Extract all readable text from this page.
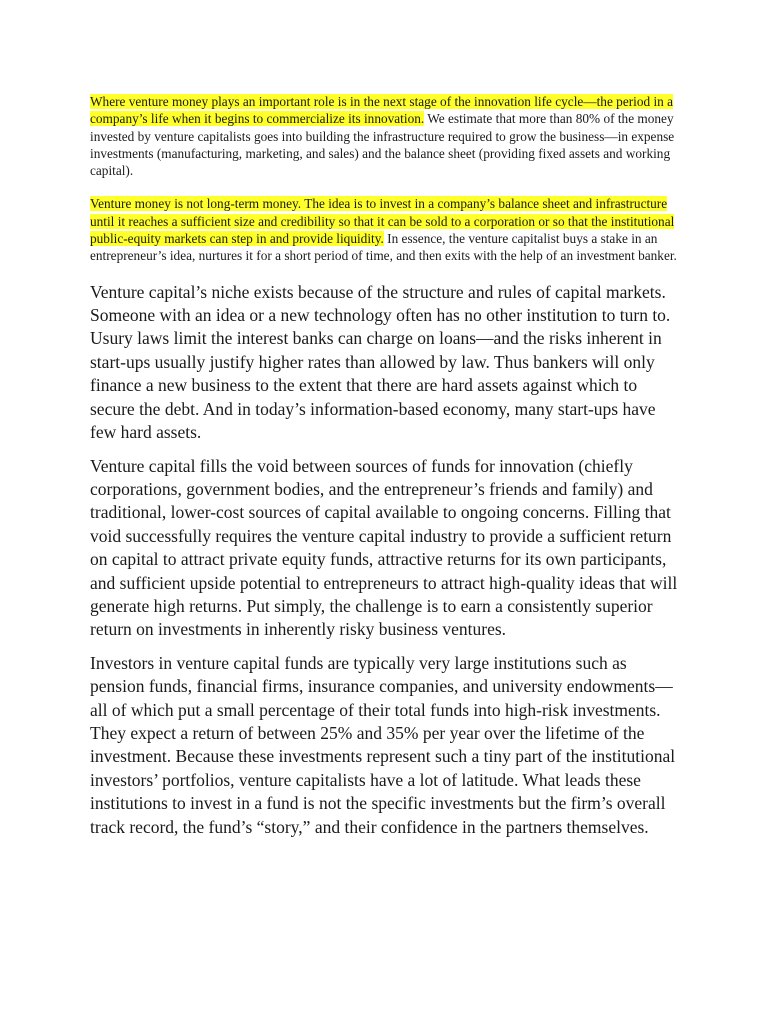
Where venture money plays an important role is in the next stage of the innovation life cycle—the period in a company’s life when it begins to commercialize its innovation. We estimate that more than 80% of the money invested by venture capitalists goes into building the infrastructure required to grow the business—in expense investments (manufacturing, marketing, and sales) and the balance sheet (providing fixed assets and working capital).

Venture money is not long-term money. The idea is to invest in a company’s balance sheet and infrastructure until it reaches a sufficient size and credibility so that it can be sold to a corporation or so that the institutional public-equity markets can step in and provide liquidity. In essence, the venture capitalist buys a stake in an entrepreneur’s idea, nurtures it for a short period of time, and then exits with the help of an investment banker.

Venture capital’s niche exists because of the structure and rules of capital markets. Someone with an idea or a new technology often has no other institution to turn to. Usury laws limit the interest banks can charge on loans—and the risks inherent in start-ups usually justify higher rates than allowed by law. Thus bankers will only finance a new business to the extent that there are hard assets against which to secure the debt. And in today’s information-based economy, many start-ups have few hard assets.

Venture capital fills the void between sources of funds for innovation (chiefly corporations, government bodies, and the entrepreneur’s friends and family) and traditional, lower-cost sources of capital available to ongoing concerns. Filling that void successfully requires the venture capital industry to provide a sufficient return on capital to attract private equity funds, attractive returns for its own participants, and sufficient upside potential to entrepreneurs to attract high-quality ideas that will generate high returns. Put simply, the challenge is to earn a consistently superior return on investments in inherently risky business ventures.

Investors in venture capital funds are typically very large institutions such as pension funds, financial firms, insurance companies, and university endowments—all of which put a small percentage of their total funds into high-risk investments. They expect a return of between 25% and 35% per year over the lifetime of the investment. Because these investments represent such a tiny part of the institutional investors’ portfolios, venture capitalists have a lot of latitude. What leads these institutions to invest in a fund is not the specific investments but the firm’s overall track record, the fund’s “story,” and their confidence in the partners themselves.
